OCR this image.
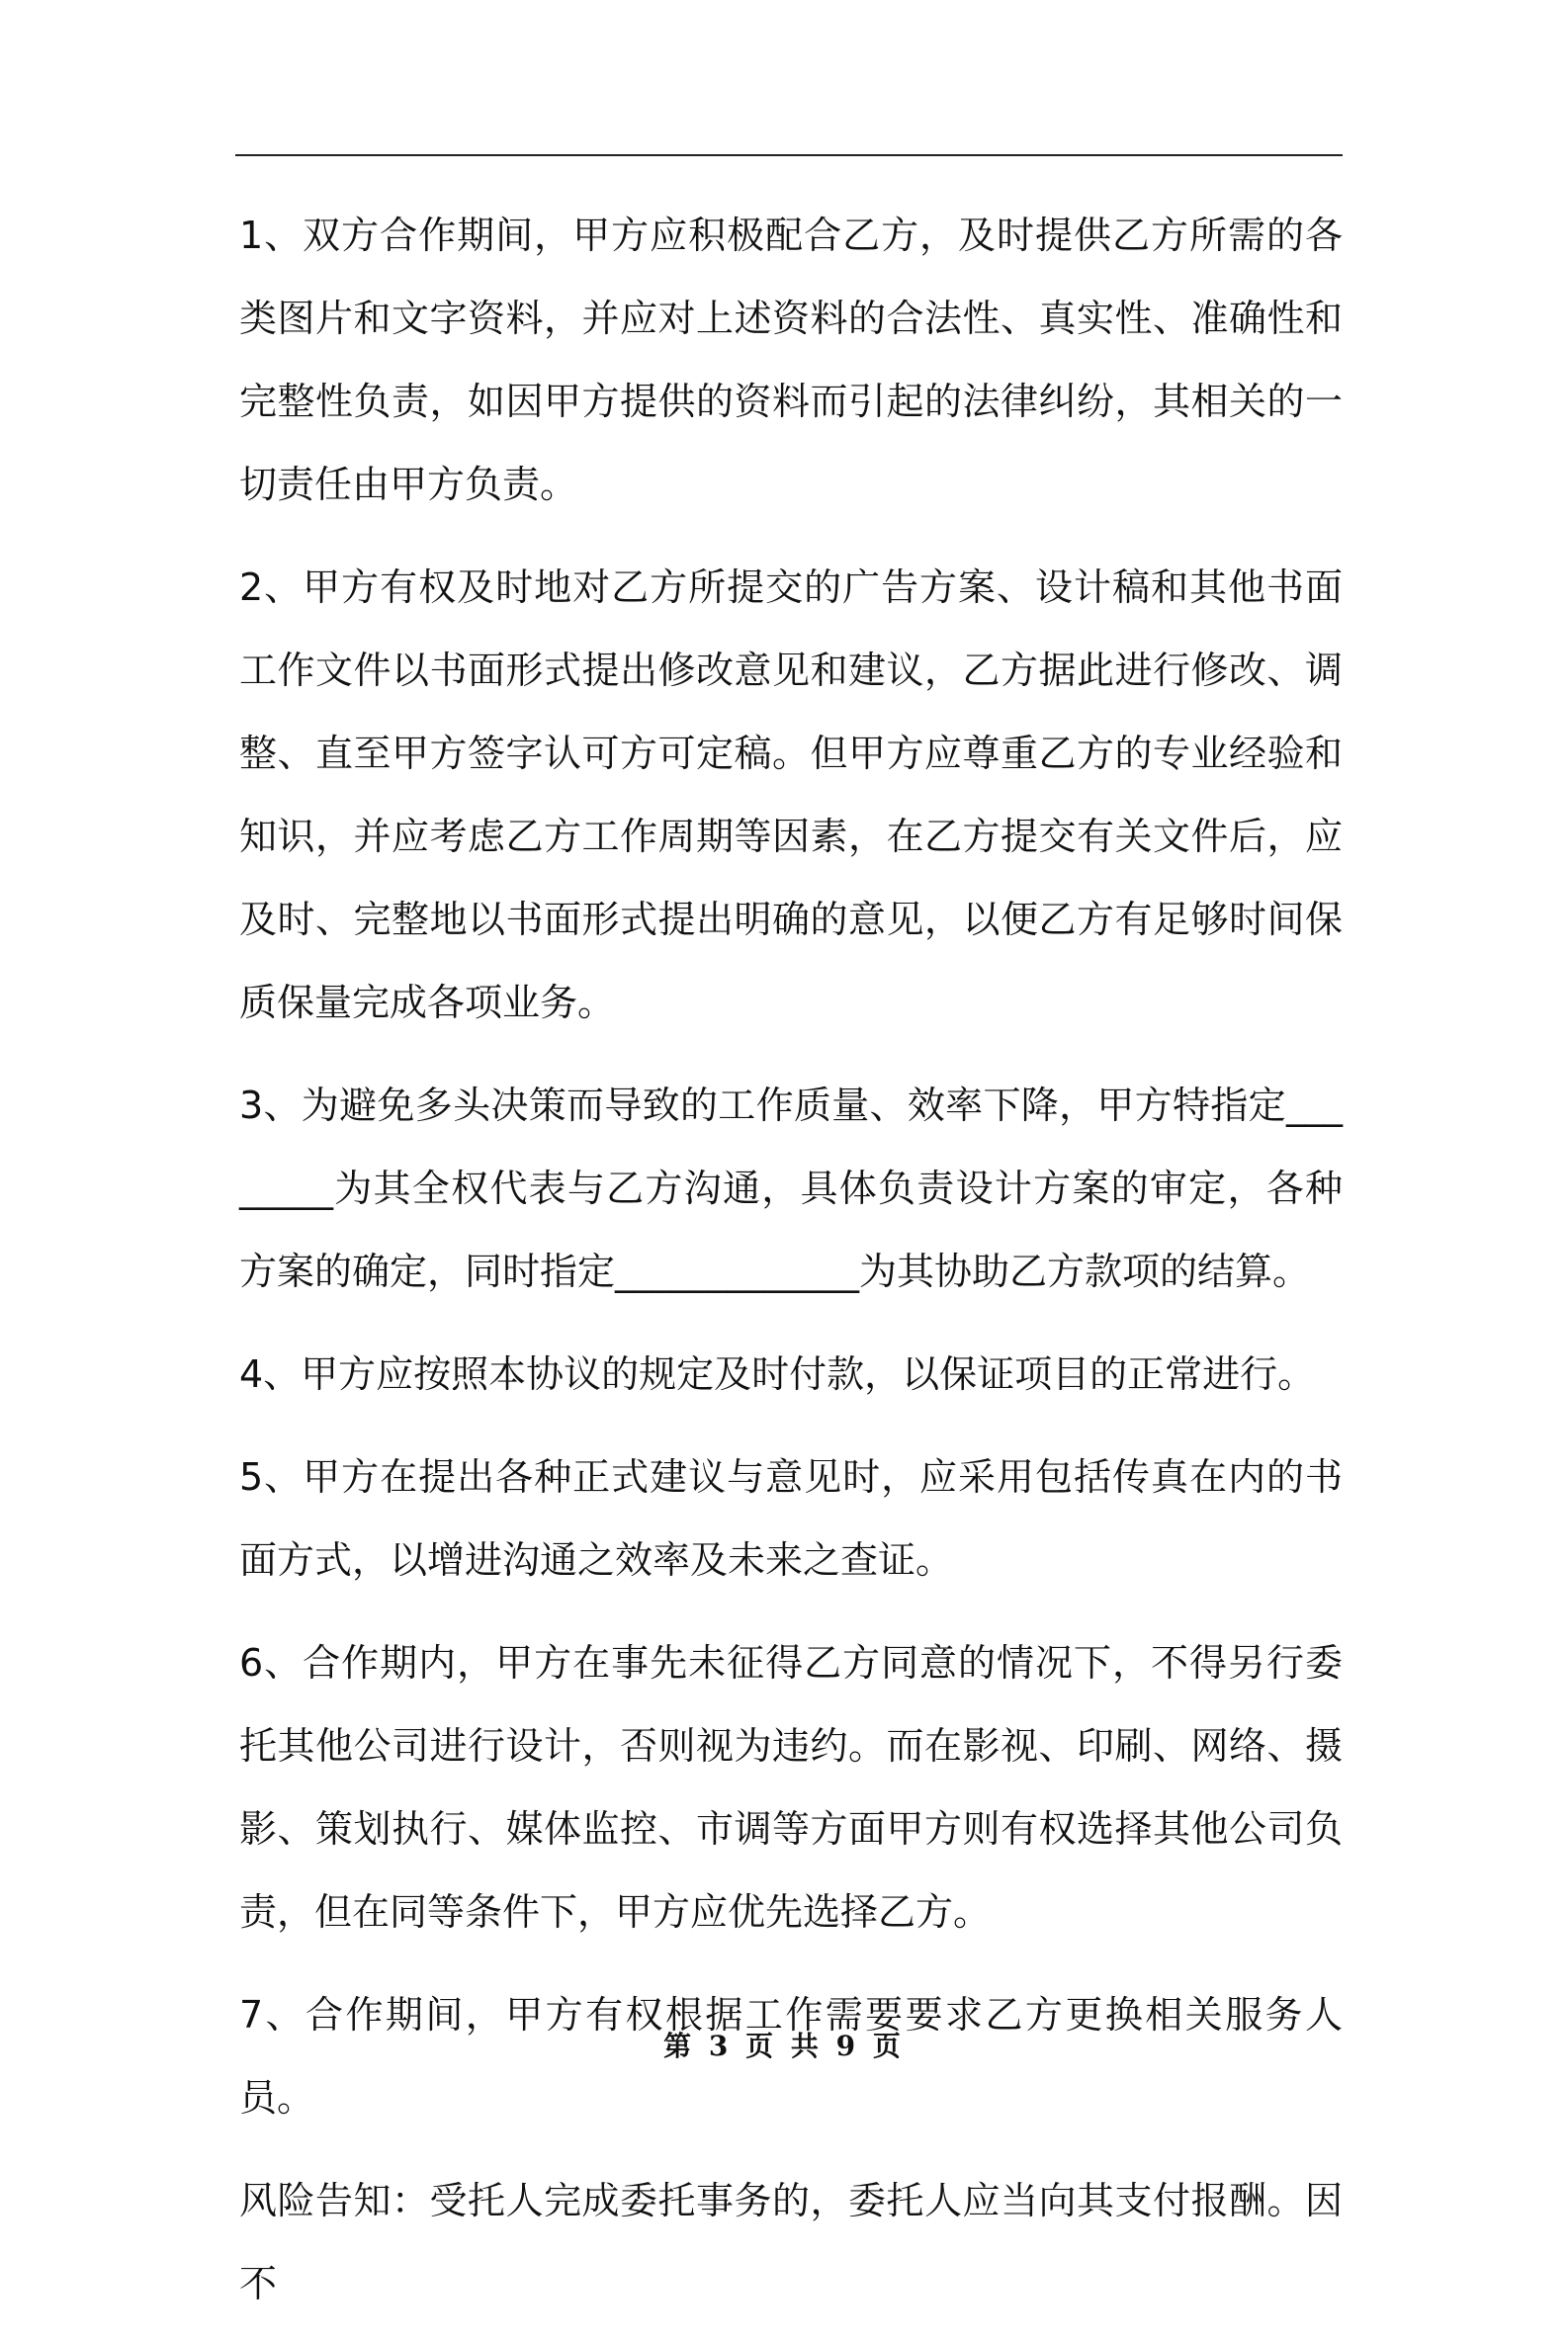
1、双方合作期间，甲方应积极配合乙方，及时提供乙方所需的各类图片和文字资料，并应对上述资料的合法性、真实性、准确性和完整性负责，如因甲方提供的资料而引起的法律纠纷，其相关的一切责任由甲方负责。

2、甲方有权及时地对乙方所提交的广告方案、设计稿和其他书面工作文件以书面形式提出修改意见和建议，乙方据此进行修改、调整、直至甲方签字认可方可定稿。但甲方应尊重乙方的专业经验和知识，并应考虑乙方工作周期等因素，在乙方提交有关文件后，应及时、完整地以书面形式提出明确的意见，以便乙方有足够时间保质保量完成各项业务。

3、为避免多头决策而导致的工作质量、效率下降，甲方特指定________为其全权代表与乙方沟通，具体负责设计方案的审定，各种方案的确定，同时指定_____________为其协助乙方款项的结算。

4、甲方应按照本协议的规定及时付款，以保证项目的正常进行。

5、甲方在提出各种正式建议与意见时，应采用包括传真在内的书面方式，以增进沟通之效率及未来之查证。

6、合作期内，甲方在事先未征得乙方同意的情况下，不得另行委托其他公司进行设计，否则视为违约。而在影视、印刷、网络、摄影、策划执行、媒体监控、市调等方面甲方则有权选择其他公司负责，但在同等条件下，甲方应优先选择乙方。

7、合作期间，甲方有权根据工作需要要求乙方更换相关服务人员。

风险告知：受托人完成委托事务的，委托人应当向其支付报酬。因不

第 3 页 共 9 页
